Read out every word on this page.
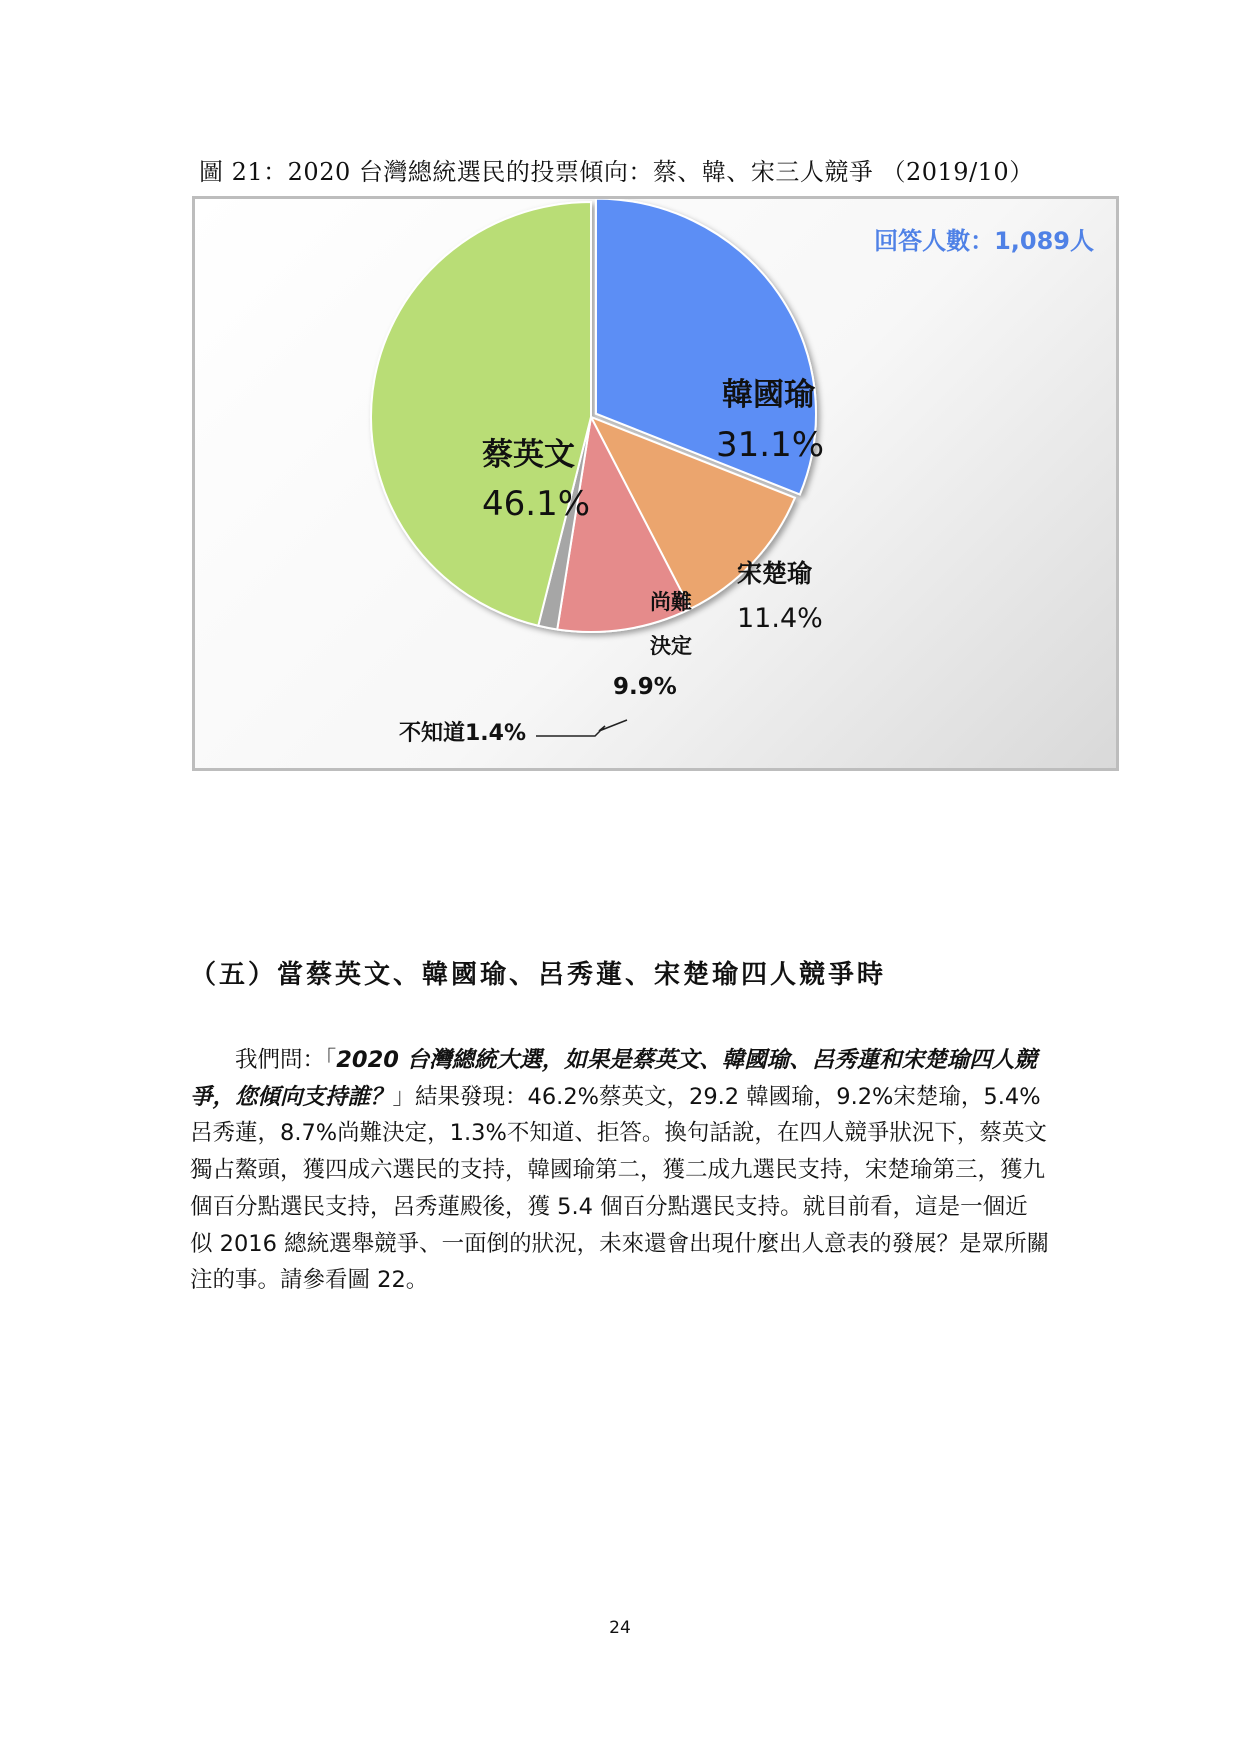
圖 21：2020 台灣總統選民的投票傾向：蔡、韓、宋三人競爭 （2019/10）
回答人數：1,089人
韓國瑜
31.1%
宋楚瑜
11.4%
尚難
決定
9.9%
不知道1.4%
蔡英文
46.1%
（五）當蔡英文、韓國瑜、呂秀蓮、宋楚瑜四人競爭時
我們問：「2020 台灣總統大選，如果是蔡英文、韓國瑜、呂秀蓮和宋楚瑜四人競爭，您傾向支持誰？」結果發現：46.2%蔡英文，29.2 韓國瑜，9.2%宋楚瑜，5.4%呂秀蓮，8.7%尚難決定，1.3%不知道、拒答。換句話說，在四人競爭狀況下，蔡英文獨占鰲頭，獲四成六選民的支持，韓國瑜第二，獲二成九選民支持，宋楚瑜第三，獲九個百分點選民支持，呂秀蓮殿後，獲 5.4 個百分點選民支持。就目前看，這是一個近似 2016 總統選舉競爭、一面倒的狀況，未來還會出現什麼出人意表的發展？是眾所關注的事。請參看圖 22。
24
